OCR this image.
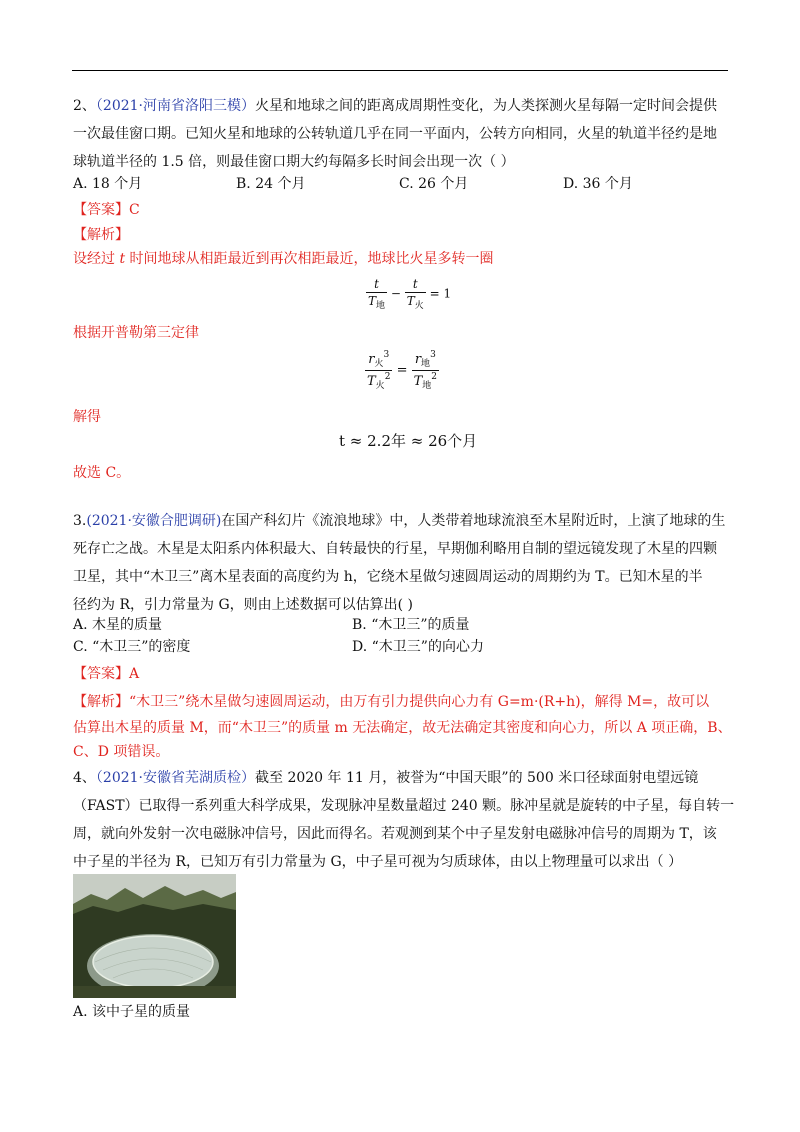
2、（2021·河南省洛阳三模）火星和地球之间的距离成周期性变化，为人类探测火星每隔一定时间会提供
一次最佳窗口期。已知火星和地球的公转轨道几乎在同一平面内，公转方向相同，火星的轨道半径约是地
球轨道半径的 1.5 倍，则最佳窗口期大约每隔多长时间会出现一次（ ）
A. 18 个月	B. 24 个月	C. 26 个月	D. 36 个月
【答案】C
【解析】
设经过 t 时间地球从相距最近到再次相距最近，地球比火星多转一圈
$\frac{t}{T_地} - \frac{t}{T_火} = 1$
根据开普勒第三定律
$\frac{r_火^3}{T_火^2} = \frac{r_地^3}{T_地^2}$
解得
t ≈ 2.2年 ≈ 26个月
故选 C。
3.(2021·安徽合肥调研)在国产科幻片《流浪地球》中，人类带着地球流浪至木星附近时，上演了地球的生
死存亡之战。木星是太阳系内体积最大、自转最快的行星，早期伽利略用自制的望远镜发现了木星的四颗
卫星，其中“木卫三”离木星表面的高度约为 h，它绕木星做匀速圆周运动的周期约为 T。已知木星的半
径约为 R，引力常量为 G，则由上述数据可以估算出( )
A. 木星的质量	B. “木卫三”的质量
C. “木卫三”的密度	D. “木卫三”的向心力
【答案】A
【解析】“木卫三”绕木星做匀速圆周运动，由万有引力提供向心力有 G=m·(R+h)，解得 M=，故可以
估算出木星的质量 M，而“木卫三”的质量 m 无法确定，故无法确定其密度和向心力，所以 A 项正确，B、
C、D 项错误。
4、（2021·安徽省芜湖质检）截至 2020 年 11 月，被誉为“中国天眼”的 500 米口径球面射电望远镜
（FAST）已取得一系列重大科学成果，发现脉冲星数量超过 240 颗。脉冲星就是旋转的中子星，每自转一
周，就向外发射一次电磁脉冲信号，因此而得名。若观测到某个中子星发射电磁脉冲信号的周期为 T，该
中子星的半径为 R，已知万有引力常量为 G，中子星可视为匀质球体，由以上物理量可以求出（ ）
A. 该中子星的质量
